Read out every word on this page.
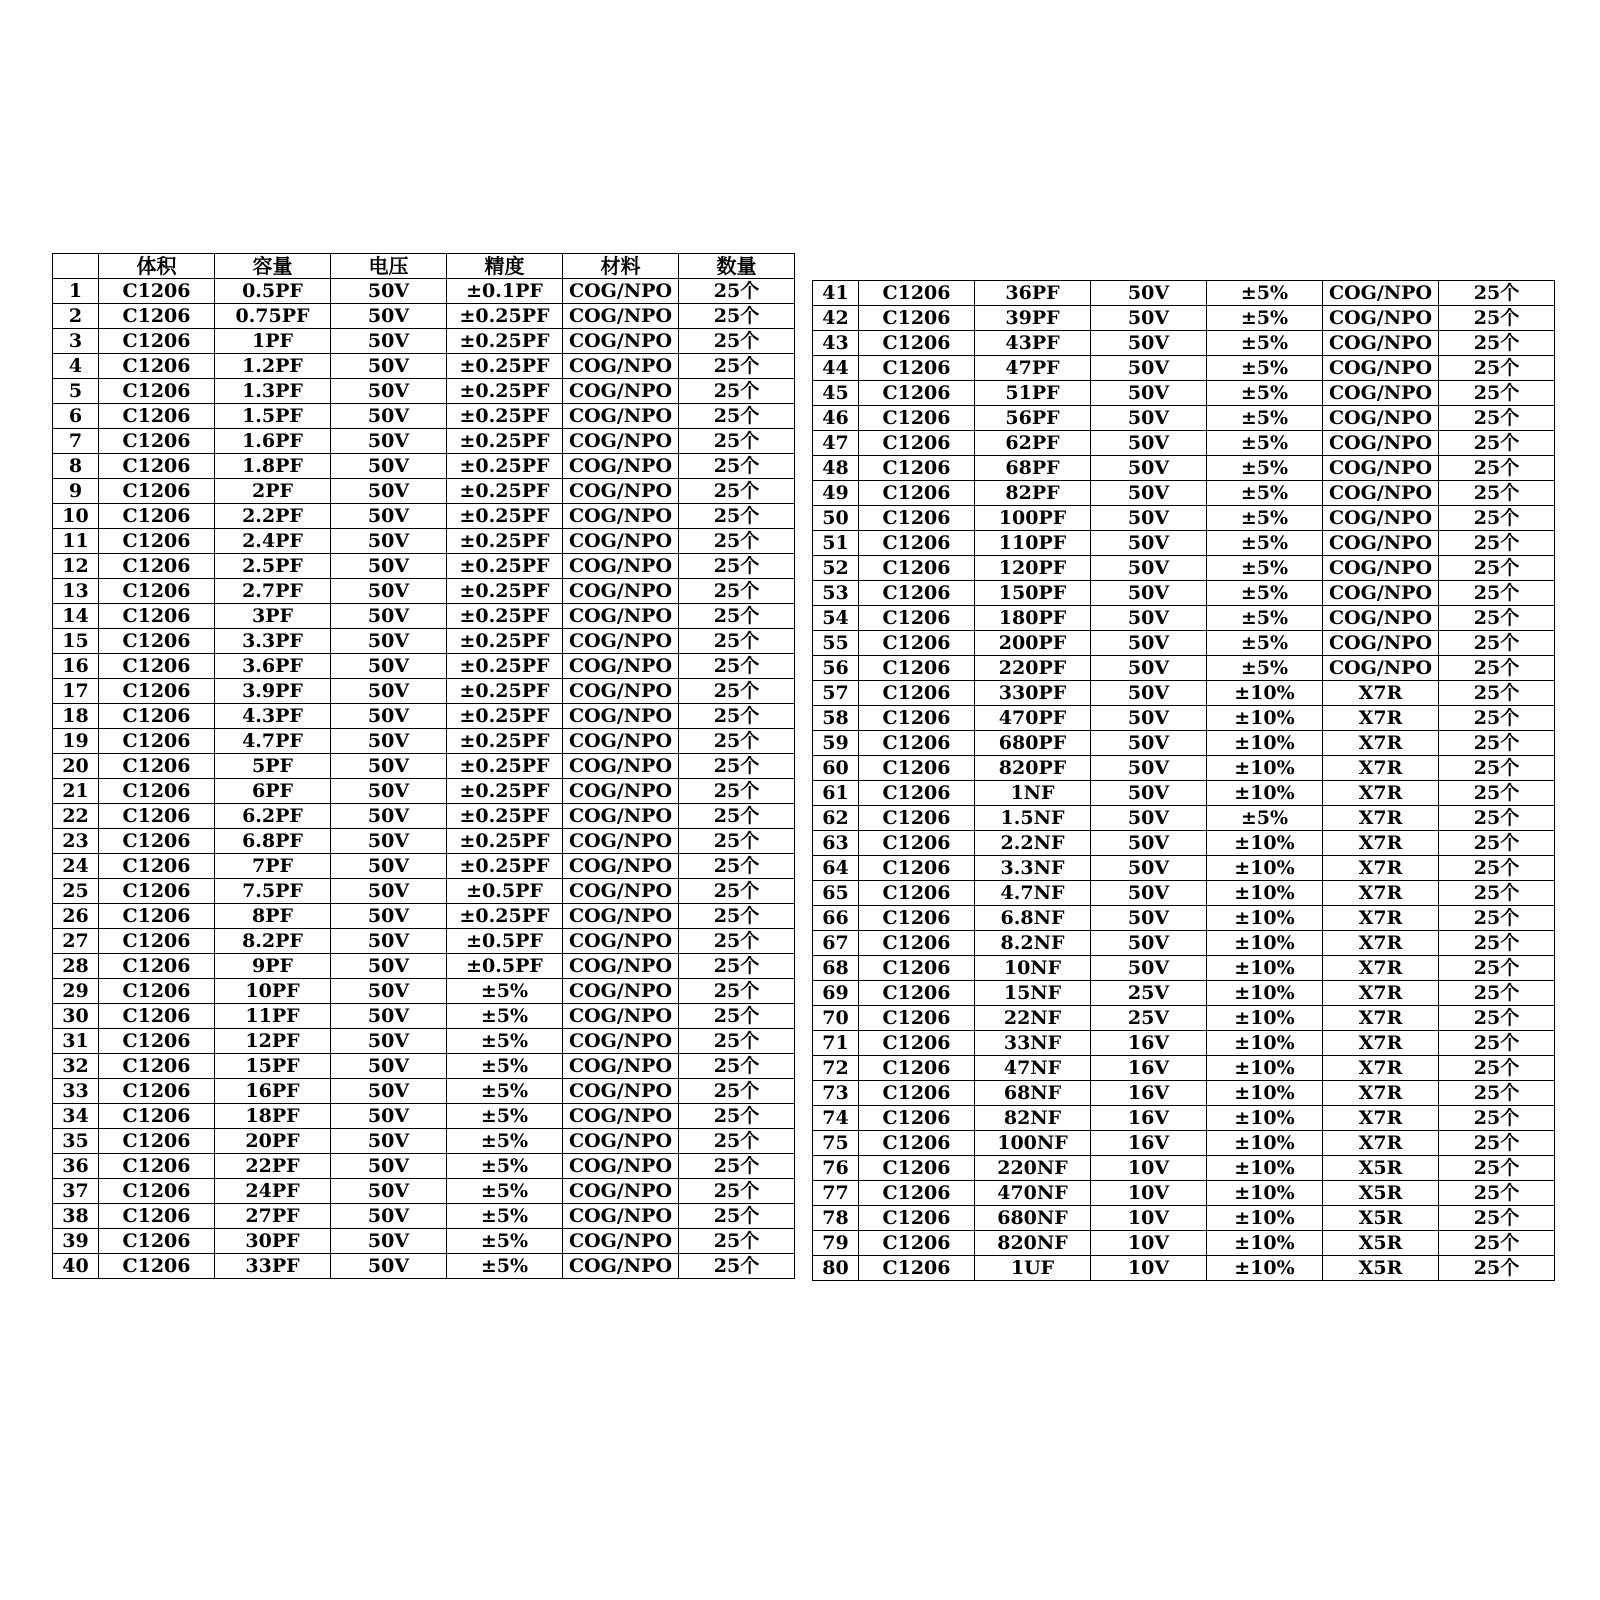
	体积	容量	电压	精度	材料	数量
1	C1206	0.5PF	50V	±0.1PF	COG/NPO	25个
2	C1206	0.75PF	50V	±0.25PF	COG/NPO	25个
3	C1206	1PF	50V	±0.25PF	COG/NPO	25个
4	C1206	1.2PF	50V	±0.25PF	COG/NPO	25个
5	C1206	1.3PF	50V	±0.25PF	COG/NPO	25个
6	C1206	1.5PF	50V	±0.25PF	COG/NPO	25个
7	C1206	1.6PF	50V	±0.25PF	COG/NPO	25个
8	C1206	1.8PF	50V	±0.25PF	COG/NPO	25个
9	C1206	2PF	50V	±0.25PF	COG/NPO	25个
10	C1206	2.2PF	50V	±0.25PF	COG/NPO	25个
11	C1206	2.4PF	50V	±0.25PF	COG/NPO	25个
12	C1206	2.5PF	50V	±0.25PF	COG/NPO	25个
13	C1206	2.7PF	50V	±0.25PF	COG/NPO	25个
14	C1206	3PF	50V	±0.25PF	COG/NPO	25个
15	C1206	3.3PF	50V	±0.25PF	COG/NPO	25个
16	C1206	3.6PF	50V	±0.25PF	COG/NPO	25个
17	C1206	3.9PF	50V	±0.25PF	COG/NPO	25个
18	C1206	4.3PF	50V	±0.25PF	COG/NPO	25个
19	C1206	4.7PF	50V	±0.25PF	COG/NPO	25个
20	C1206	5PF	50V	±0.25PF	COG/NPO	25个
21	C1206	6PF	50V	±0.25PF	COG/NPO	25个
22	C1206	6.2PF	50V	±0.25PF	COG/NPO	25个
23	C1206	6.8PF	50V	±0.25PF	COG/NPO	25个
24	C1206	7PF	50V	±0.25PF	COG/NPO	25个
25	C1206	7.5PF	50V	±0.5PF	COG/NPO	25个
26	C1206	8PF	50V	±0.25PF	COG/NPO	25个
27	C1206	8.2PF	50V	±0.5PF	COG/NPO	25个
28	C1206	9PF	50V	±0.5PF	COG/NPO	25个
29	C1206	10PF	50V	±5%	COG/NPO	25个
30	C1206	11PF	50V	±5%	COG/NPO	25个
31	C1206	12PF	50V	±5%	COG/NPO	25个
32	C1206	15PF	50V	±5%	COG/NPO	25个
33	C1206	16PF	50V	±5%	COG/NPO	25个
34	C1206	18PF	50V	±5%	COG/NPO	25个
35	C1206	20PF	50V	±5%	COG/NPO	25个
36	C1206	22PF	50V	±5%	COG/NPO	25个
37	C1206	24PF	50V	±5%	COG/NPO	25个
38	C1206	27PF	50V	±5%	COG/NPO	25个
39	C1206	30PF	50V	±5%	COG/NPO	25个
40	C1206	33PF	50V	±5%	COG/NPO	25个
41	C1206	36PF	50V	±5%	COG/NPO	25个
42	C1206	39PF	50V	±5%	COG/NPO	25个
43	C1206	43PF	50V	±5%	COG/NPO	25个
44	C1206	47PF	50V	±5%	COG/NPO	25个
45	C1206	51PF	50V	±5%	COG/NPO	25个
46	C1206	56PF	50V	±5%	COG/NPO	25个
47	C1206	62PF	50V	±5%	COG/NPO	25个
48	C1206	68PF	50V	±5%	COG/NPO	25个
49	C1206	82PF	50V	±5%	COG/NPO	25个
50	C1206	100PF	50V	±5%	COG/NPO	25个
51	C1206	110PF	50V	±5%	COG/NPO	25个
52	C1206	120PF	50V	±5%	COG/NPO	25个
53	C1206	150PF	50V	±5%	COG/NPO	25个
54	C1206	180PF	50V	±5%	COG/NPO	25个
55	C1206	200PF	50V	±5%	COG/NPO	25个
56	C1206	220PF	50V	±5%	COG/NPO	25个
57	C1206	330PF	50V	±10%	X7R	25个
58	C1206	470PF	50V	±10%	X7R	25个
59	C1206	680PF	50V	±10%	X7R	25个
60	C1206	820PF	50V	±10%	X7R	25个
61	C1206	1NF	50V	±10%	X7R	25个
62	C1206	1.5NF	50V	±5%	X7R	25个
63	C1206	2.2NF	50V	±10%	X7R	25个
64	C1206	3.3NF	50V	±10%	X7R	25个
65	C1206	4.7NF	50V	±10%	X7R	25个
66	C1206	6.8NF	50V	±10%	X7R	25个
67	C1206	8.2NF	50V	±10%	X7R	25个
68	C1206	10NF	50V	±10%	X7R	25个
69	C1206	15NF	25V	±10%	X7R	25个
70	C1206	22NF	25V	±10%	X7R	25个
71	C1206	33NF	16V	±10%	X7R	25个
72	C1206	47NF	16V	±10%	X7R	25个
73	C1206	68NF	16V	±10%	X7R	25个
74	C1206	82NF	16V	±10%	X7R	25个
75	C1206	100NF	16V	±10%	X7R	25个
76	C1206	220NF	10V	±10%	X5R	25个
77	C1206	470NF	10V	±10%	X5R	25个
78	C1206	680NF	10V	±10%	X5R	25个
79	C1206	820NF	10V	±10%	X5R	25个
80	C1206	1UF	10V	±10%	X5R	25个
